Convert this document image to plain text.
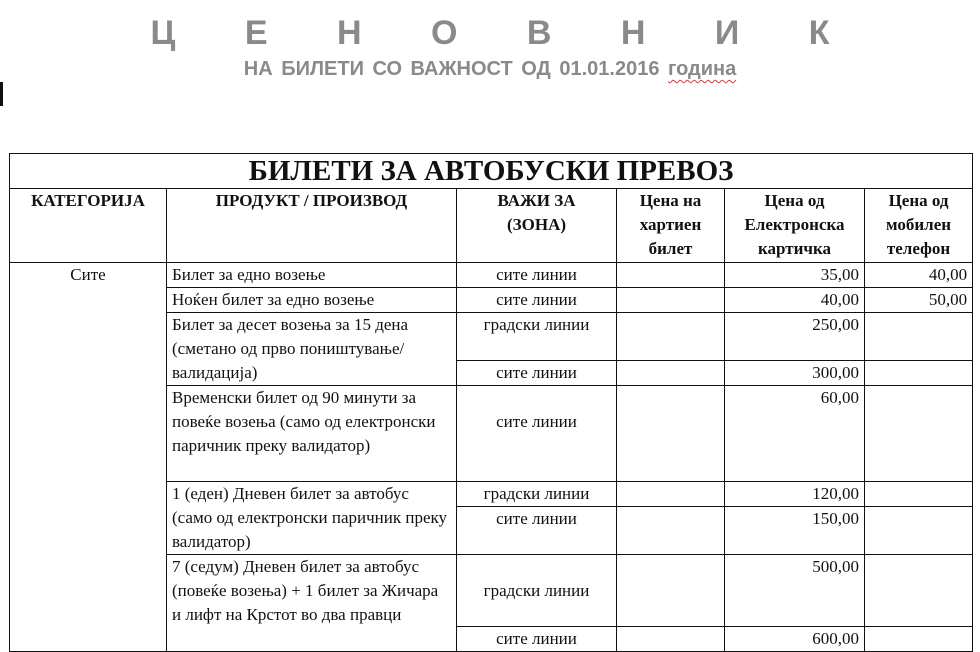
Ц Е Н О В Н И К
НА БИЛЕТИ СО ВАЖНОСТ ОД 01.01.2016 година
БИЛЕТИ ЗА АВТОБУСКИ ПРЕВОЗ					
КАТЕГОРИЈА	ПРОДУКТ / ПРОИЗВОД	ВАЖИ ЗА (ЗОНА)	Цена на хартиен билет	Цена од Електронска картичка	Цена од мобилен телефон
Сите	Билет за едно возење	сите линии		35,00	40,00
	Ноќен билет за едно возење	сите линии		40,00	50,00
	Билет за десет возења за 15 дена (сметано од прво поништување/валидација)	градски линии		250,00	
		сите линии		300,00	
	Временски билет од 90 минути за повеќе возења (само од електронски паричник преку валидатор)	сите линии		60,00	
	1 (еден) Дневен билет за автобус (само од електронски паричник преку валидатор)	градски линии		120,00	
		сите линии		150,00	
	7 (седум) Дневен билет за автобус (повеќе возења) + 1 билет за Жичара и лифт на Крстот во два правци	градски линии		500,00	
		сите линии		600,00	
